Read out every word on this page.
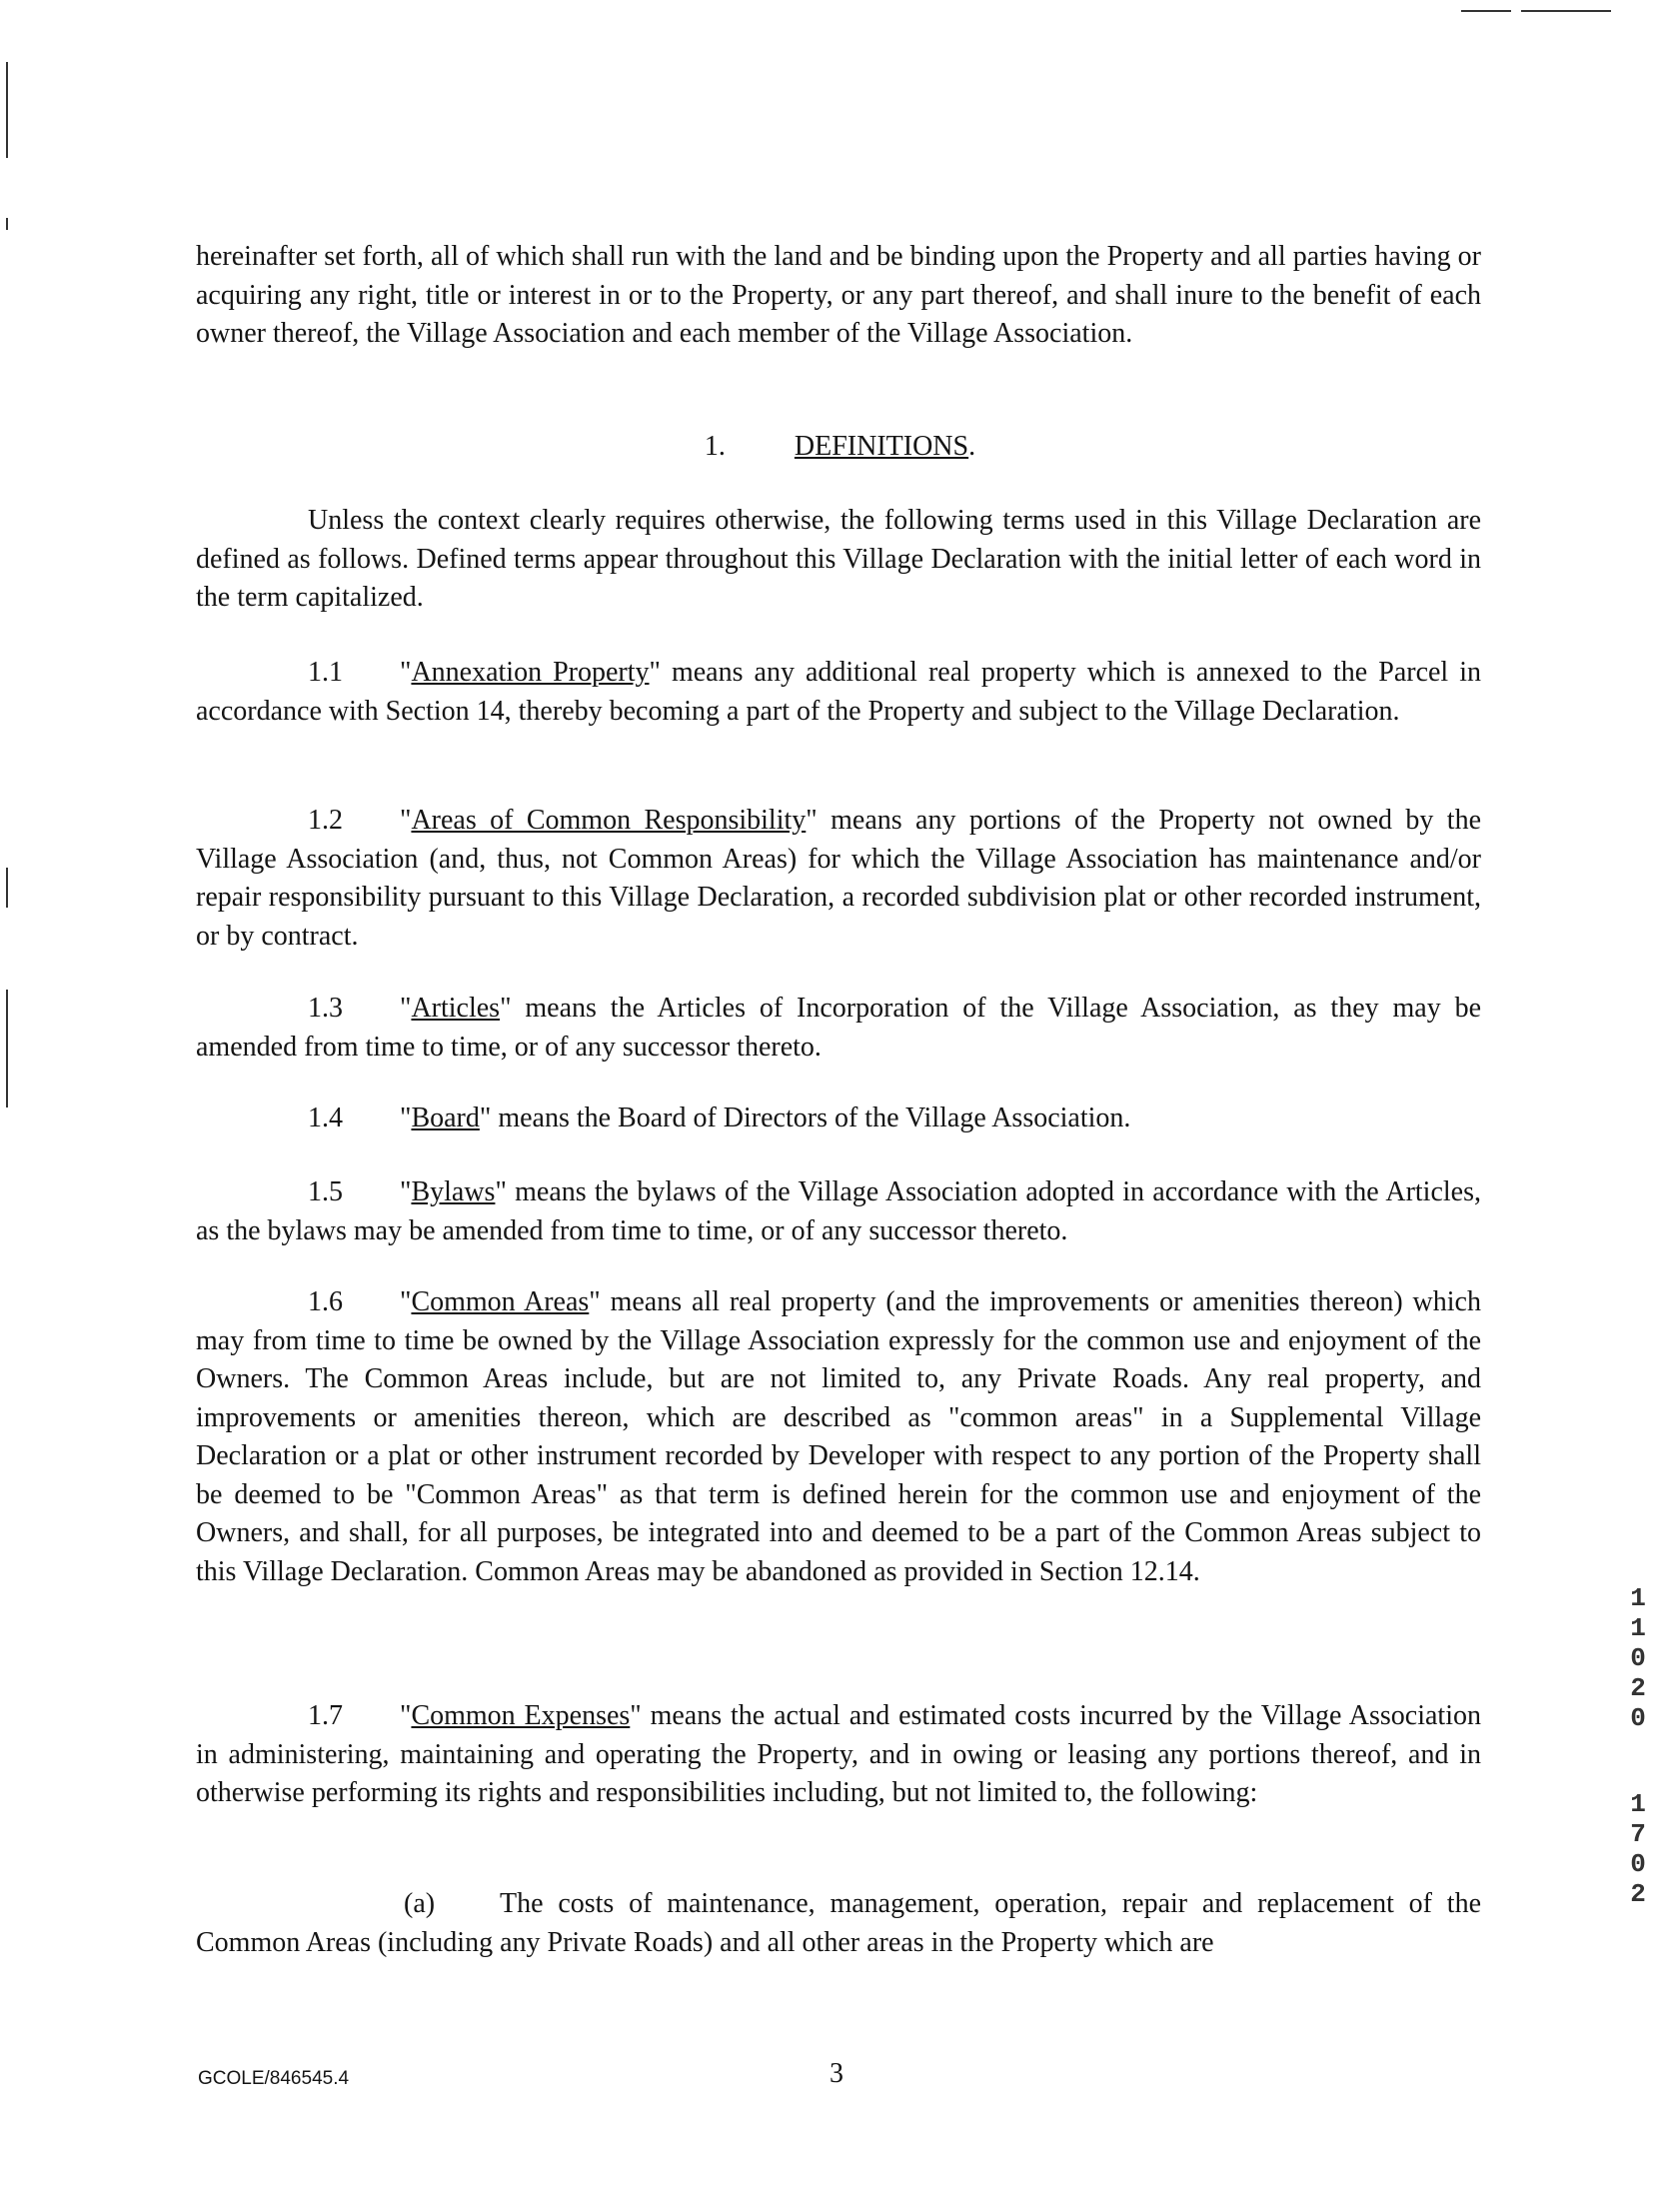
hereinafter set forth, all of which shall run with the land and be binding upon the Property and all parties having or acquiring any right, title or interest in or to the Property, or any part thereof, and shall inure to the benefit of each owner thereof, the Village Association and each member of the Village Association.

1. DEFINITIONS.

Unless the context clearly requires otherwise, the following terms used in this Village Declaration are defined as follows. Defined terms appear throughout this Village Declaration with the initial letter of each word in the term capitalized.

1.1 "Annexation Property" means any additional real property which is annexed to the Parcel in accordance with Section 14, thereby becoming a part of the Property and subject to the Village Declaration.

1.2 "Areas of Common Responsibility" means any portions of the Property not owned by the Village Association (and, thus, not Common Areas) for which the Village Association has maintenance and/or repair responsibility pursuant to this Village Declaration, a recorded subdivision plat or other recorded instrument, or by contract.

1.3 "Articles" means the Articles of Incorporation of the Village Association, as they may be amended from time to time, or of any successor thereto.

1.4 "Board" means the Board of Directors of the Village Association.

1.5 "Bylaws" means the bylaws of the Village Association adopted in accordance with the Articles, as the bylaws may be amended from time to time, or of any successor thereto.

1.6 "Common Areas" means all real property (and the improvements or amenities thereon) which may from time to time be owned by the Village Association expressly for the common use and enjoyment of the Owners. The Common Areas include, but are not limited to, any Private Roads. Any real property, and improvements or amenities thereon, which are described as "common areas" in a Supplemental Village Declaration or a plat or other instrument recorded by Developer with respect to any portion of the Property shall be deemed to be "Common Areas" as that term is defined herein for the common use and enjoyment of the Owners, and shall, for all purposes, be integrated into and deemed to be a part of the Common Areas subject to this Village Declaration. Common Areas may be abandoned as provided in Section 12.14.

1.7 "Common Expenses" means the actual and estimated costs incurred by the Village Association in administering, maintaining and operating the Property, and in owing or leasing any portions thereof, and in otherwise performing its rights and responsibilities including, but not limited to, the following:

(a) The costs of maintenance, management, operation, repair and replacement of the Common Areas (including any Private Roads) and all other areas in the Property which are

1
1
0
2
0
1
7
0
2
GCOLE/846545.4	3
